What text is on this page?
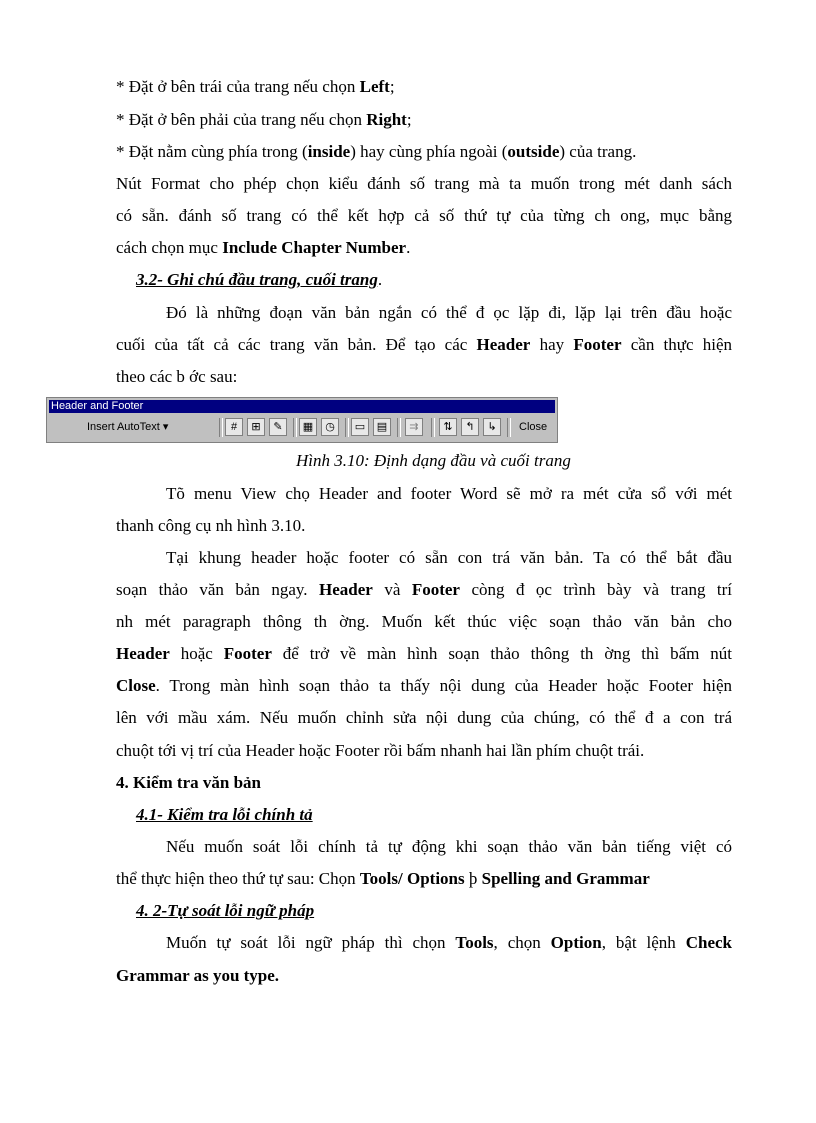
* Đặt ở bên trái của trang nếu chọn Left;
* Đặt ở bên phải của trang nếu chọn Right;
* Đặt nằm cùng phía trong (inside) hay cùng phía ngoài (outside) của trang.
Nút Format cho phép chọn kiểu đánh số trang mà ta muốn trong mét danh sách
có sẵn. đánh số trang có thể kết hợp cả số thứ tự của từng ch ong, mục bằng
cách chọn mục Include Chapter Number.
3.2- Ghi chú đầu trang, cuối trang.
Đó là những đoạn văn bản ngắn có thể đ ọc lặp đi, lặp lại trên đầu hoặc
cuối của tất cả các trang văn bản. Để tạo các Header hay Footer cần thực hiện
theo các b ớc sau:
Header and Footer
Insert AutoText ▾	#	⊞	✎	▦	◷	▭	▤	⇉	⇅	↰	↳	Close
Hình 3.10: Định dạng đầu và cuối trang
Tõ menu View chọ Header and footer Word sẽ mở ra mét cửa sổ với mét
thanh công cụ nh hình 3.10.
Tại khung header hoặc footer có sẵn con trá văn bản. Ta có thể bắt đầu
soạn thảo văn bản ngay. Header và Footer còng đ ọc trình bày và trang trí
nh mét paragraph thông th ờng. Muốn kết thúc việc soạn thảo văn bản cho
Header hoặc Footer để trở về màn hình soạn thảo thông th ờng thì bấm nút
Close. Trong màn hình soạn thảo ta thấy nội dung của Header hoặc Footer hiện
lên với mầu xám. Nếu muốn chỉnh sửa nội dung của chúng, có thể đ a con trá
chuột tới vị trí của Header hoặc Footer rồi bấm nhanh hai lần phím chuột trái.
4. Kiểm tra văn bản
4.1- Kiểm tra lỗi chính tả
Nếu muốn soát lỗi chính tả tự động khi soạn thảo văn bản tiếng việt có
thể thực hiện theo thứ tự sau: Chọn Tools/ Options þ Spelling and Grammar
4. 2-Tự soát lỗi ngữ pháp
Muốn tự soát lỗi ngữ pháp thì chọn Tools, chọn Option, bật lệnh Check
Grammar as you type.
